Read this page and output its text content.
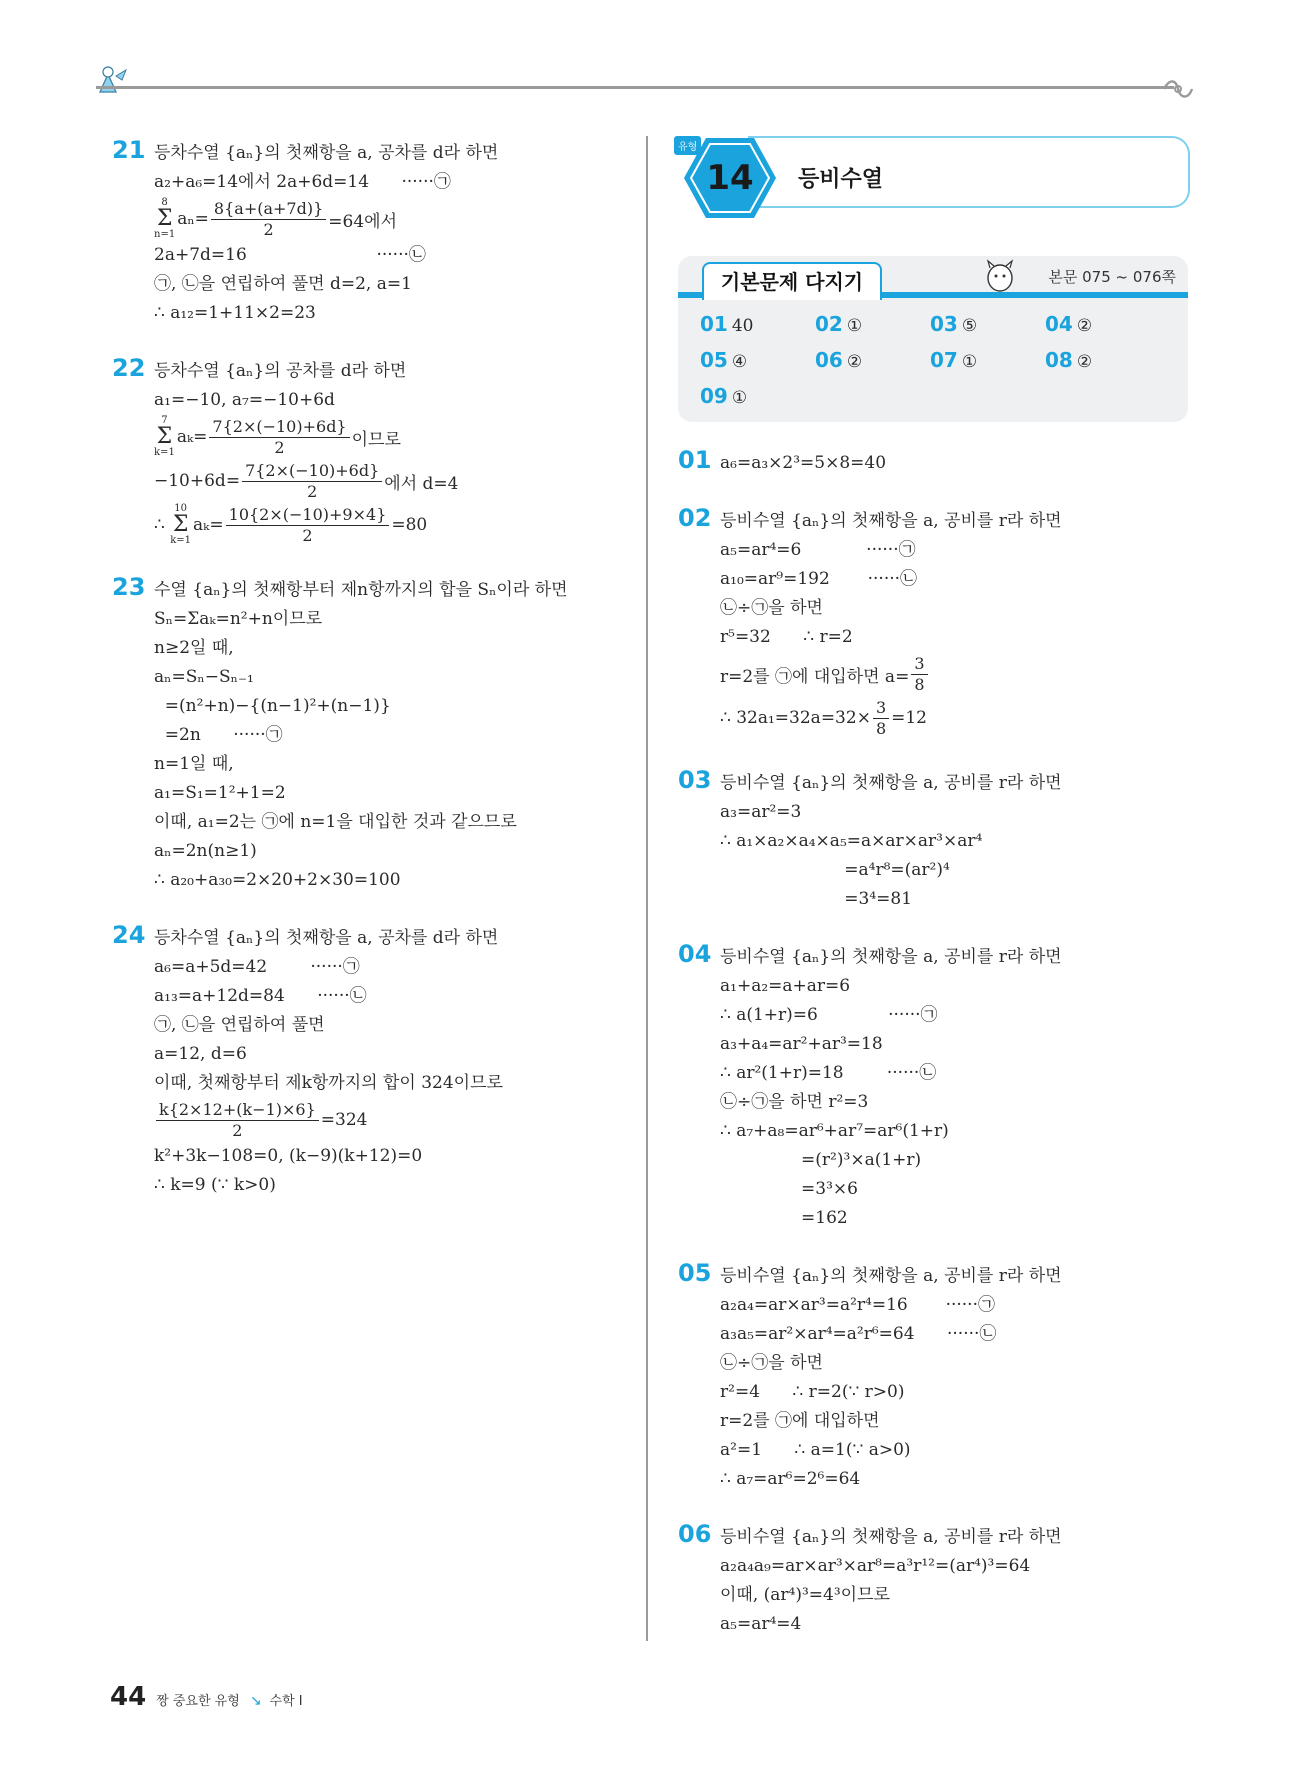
21 등차수열 {aₙ}의 첫째항을 a, 공차를 d라 하면
a₂+a₆=14에서 2a+6d=14      ······㉠
8
Σ
n=1
$a_n= \frac{8\{a+(a+7d)\}}{2} =64$에서
2a+7d=16                        ······㉡
㉠, ㉡을 연립하여 풀면 d=2, a=1
∴ a₁₂=1+11×2=23
22 등차수열 {aₙ}의 공차를 d라 하면
a₁=−10, a₇=−10+6d
7
Σ
k=1
$a_k= \frac{7\{2\times(-10)+6d\}}{2}$ 이므로
$-10+6d= \frac{7\{2\times(-10)+6d\}}{2}$ 에서 d=4
∴
10
Σ
k=1
$a_k= \frac{10\{2\times(-10)+9\times 4\}}{2} =80$
23 수열 {aₙ}의 첫째항부터 제n항까지의 합을 Sₙ이라 하면
Sₙ=Σaₖ=n²+n이므로
n≥2일 때,
aₙ=Sₙ−Sₙ₋₁
=(n²+n)−{(n−1)²+(n−1)}
=2n      ······㉠
n=1일 때,
a₁=S₁=1²+1=2
이때, a₁=2는 ㉠에 n=1을 대입한 것과 같으므로
aₙ=2n(n≥1)
∴ a₂₀+a₃₀=2×20+2×30=100
24 등차수열 {aₙ}의 첫째항을 a, 공차를 d라 하면
a₆=a+5d=42        ······㉠
a₁₃=a+12d=84      ······㉡
㉠, ㉡을 연립하여 풀면
a=12, d=6
이때, 첫째항부터 제k항까지의 합이 324이므로
$\frac{k\{2\times 12+(k-1)\times 6\}}{2} =324$
k²+3k−108=0, (k−9)(k+12)=0
∴ k=9 (∵ k>0)
유형
14	등비수열
기본문제 다지기	본문 075 ~ 076쪽
01 40	02 ①	03 ⑤	04 ②
05 ④	06 ②	07 ①	08 ②
09 ①
01 a₆=a₃×2³=5×8=40
02 등비수열 {aₙ}의 첫째항을 a, 공비를 r라 하면
a₅=ar⁴=6            ······㉠
a₁₀=ar⁹=192       ······㉡
㉡÷㉠을 하면
r⁵=32      ∴ r=2
r=2를 ㉠에 대입하면 $a= \frac{3}{8}$
∴ $32a_1=32a=32\times \frac{3}{8} =12$
03 등비수열 {aₙ}의 첫째항을 a, 공비를 r라 하면
a₃=ar²=3
∴ a₁×a₂×a₄×a₅=a×ar×ar³×ar⁴
=a⁴r⁸=(ar²)⁴
=3⁴=81
04 등비수열 {aₙ}의 첫째항을 a, 공비를 r라 하면
a₁+a₂=a+ar=6
∴ a(1+r)=6             ······㉠
a₃+a₄=ar²+ar³=18
∴ ar²(1+r)=18        ······㉡
㉡÷㉠을 하면 r²=3
∴ a₇+a₈=ar⁶+ar⁷=ar⁶(1+r)
=(r²)³×a(1+r)
=3³×6
=162
05 등비수열 {aₙ}의 첫째항을 a, 공비를 r라 하면
a₂a₄=ar×ar³=a²r⁴=16       ······㉠
a₃a₅=ar²×ar⁴=a²r⁶=64      ······㉡
㉡÷㉠을 하면
r²=4      ∴ r=2(∵ r>0)
r=2를 ㉠에 대입하면
a²=1      ∴ a=1(∵ a>0)
∴ a₇=ar⁶=2⁶=64
06 등비수열 {aₙ}의 첫째항을 a, 공비를 r라 하면
a₂a₄a₉=ar×ar³×ar⁸=a³r¹²=(ar⁴)³=64
이때, (ar⁴)³=4³이므로
a₅=ar⁴=4
44 짱 중요한 유형 ↘ 수학 I
